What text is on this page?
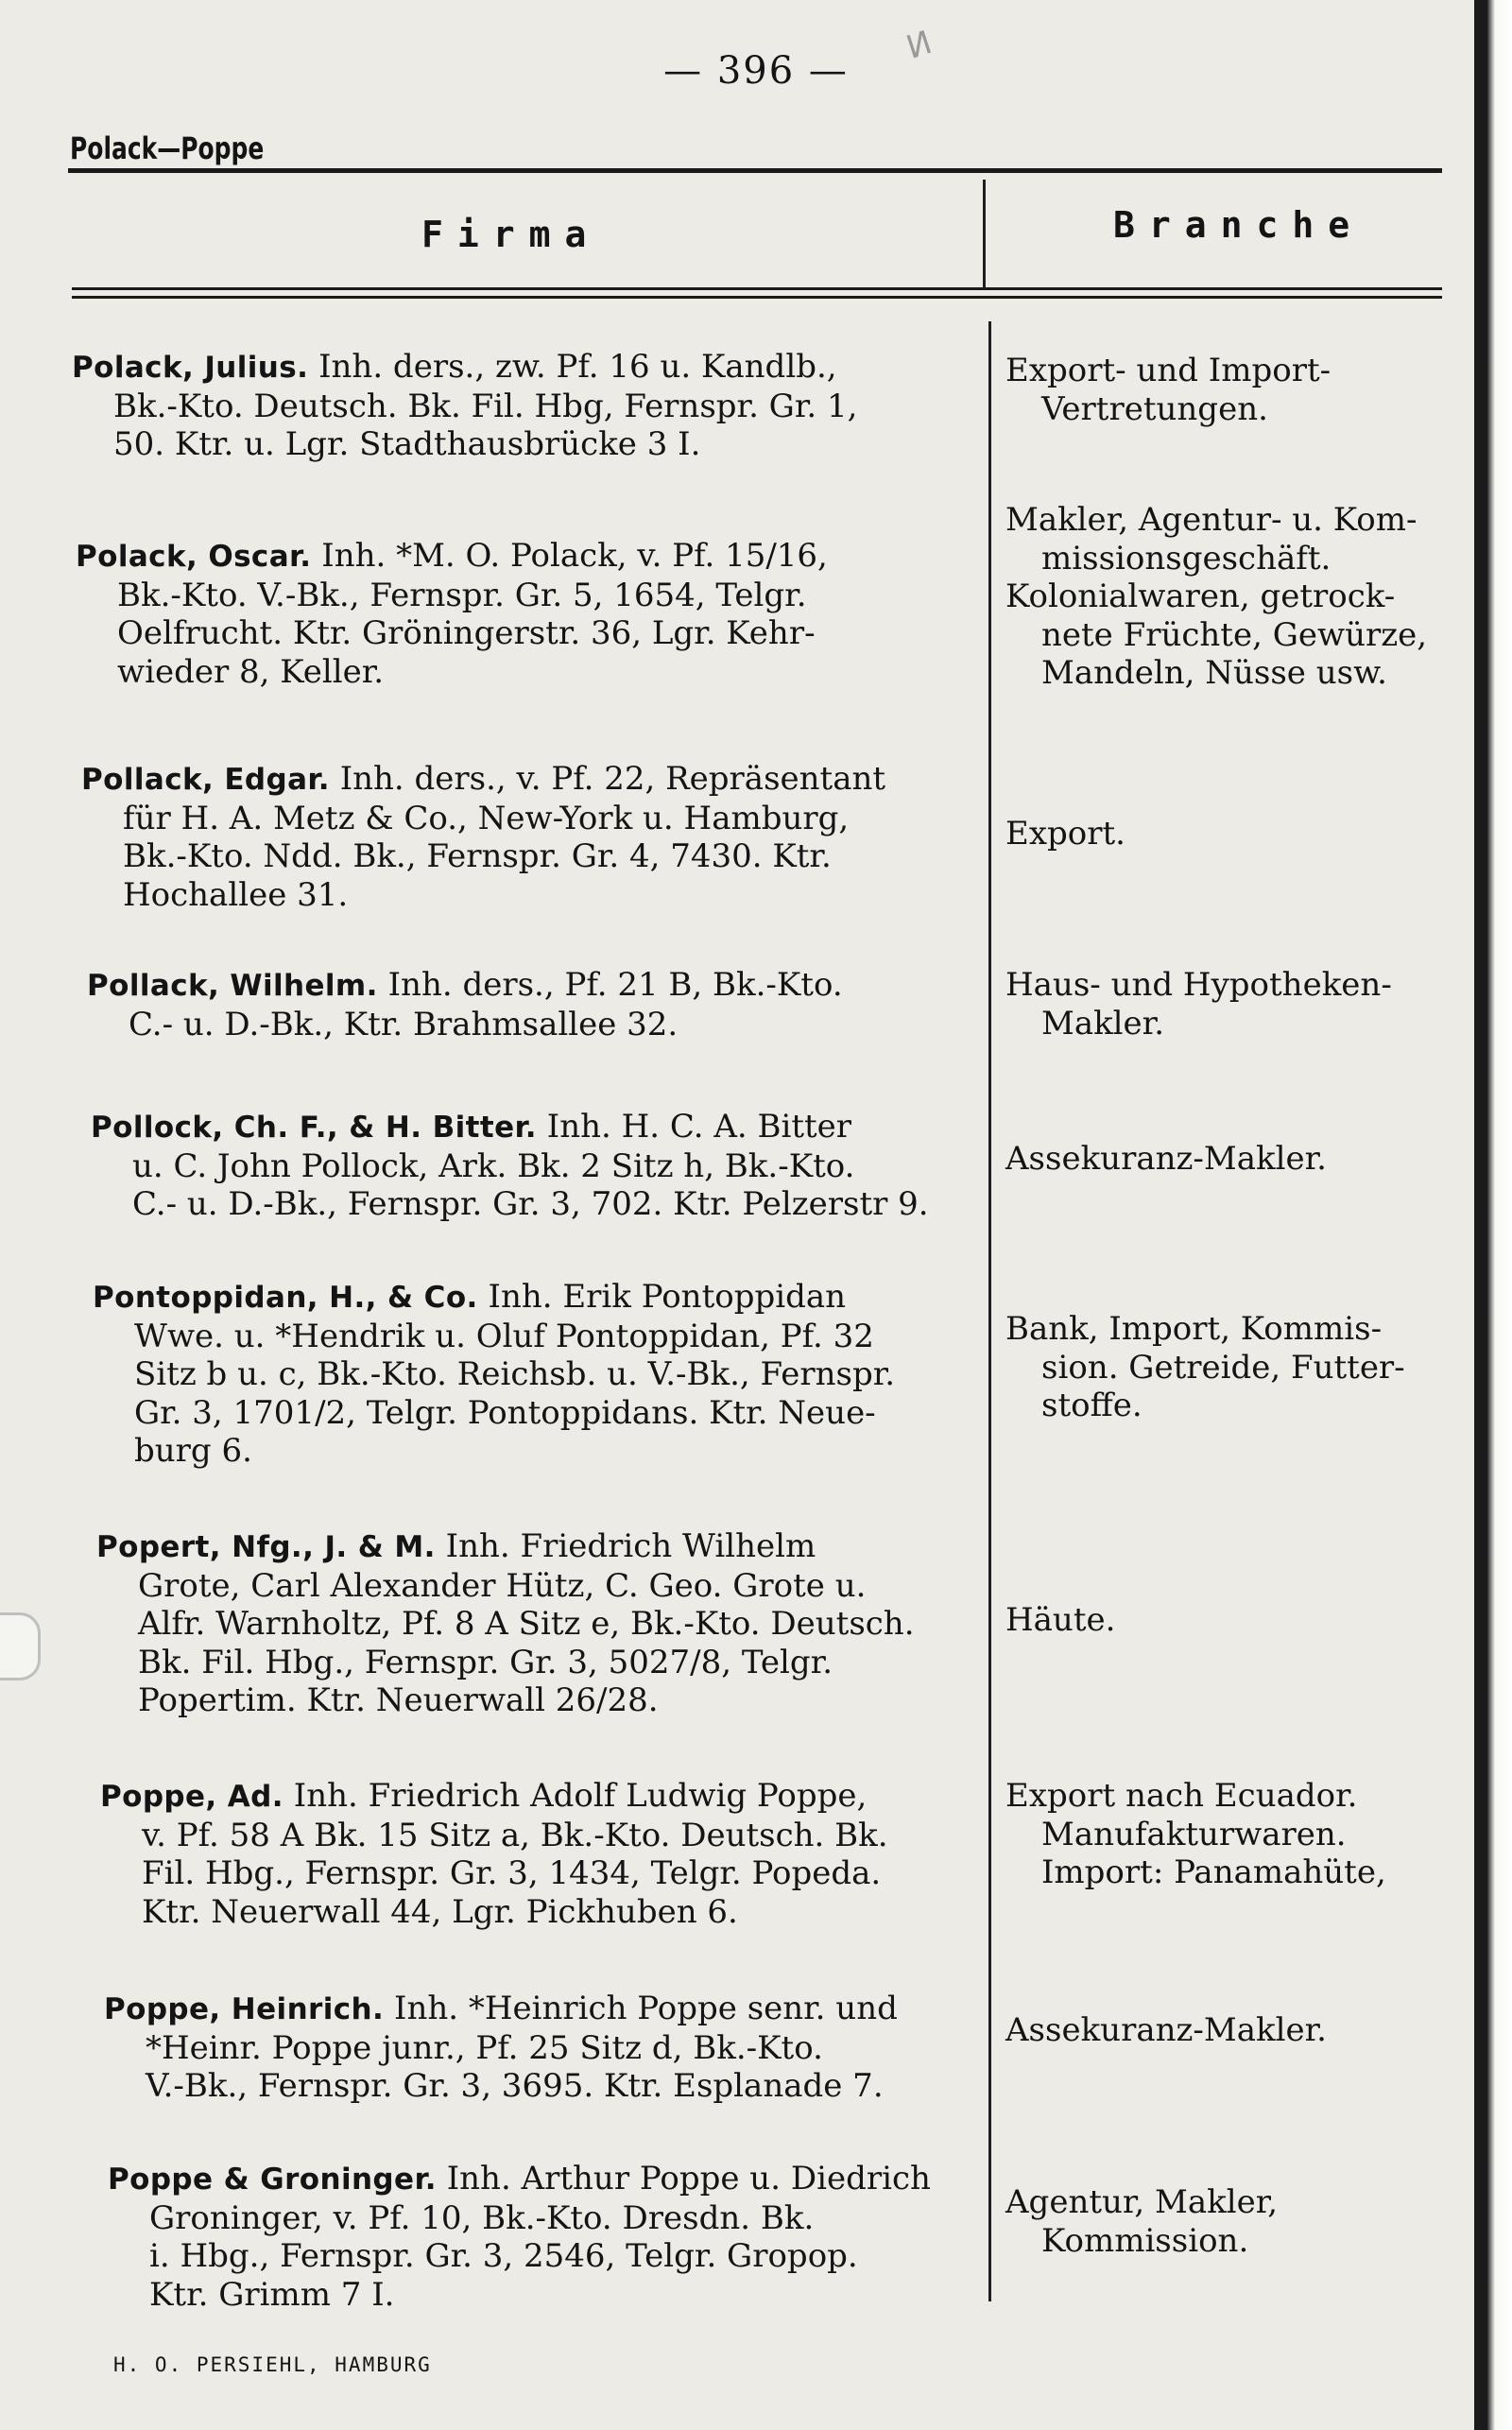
— 396 —
И
Polack—Poppe
Firma	Branche
Polack, Julius. Inh. ders., zw. Pf. 16 u. Kandlb.,
Bk.-Kto. Deutsch. Bk. Fil. Hbg, Fernspr. Gr. 1,
50. Ktr. u. Lgr. Stadthausbrücke 3 I.
Polack, Oscar. Inh. *M. O. Polack, v. Pf. 15/16,
Bk.-Kto. V.-Bk., Fernspr. Gr. 5, 1654, Telgr.
Oelfrucht. Ktr. Gröningerstr. 36, Lgr. Kehr-
wieder 8, Keller.
Pollack, Edgar. Inh. ders., v. Pf. 22, Repräsentant
für H. A. Metz & Co., New-York u. Hamburg,
Bk.-Kto. Ndd. Bk., Fernspr. Gr. 4, 7430. Ktr.
Hochallee 31.
Pollack, Wilhelm. Inh. ders., Pf. 21 B, Bk.-Kto.
C.- u. D.-Bk., Ktr. Brahmsallee 32.
Pollock, Ch. F., & H. Bitter. Inh. H. C. A. Bitter
u. C. John Pollock, Ark. Bk. 2 Sitz h, Bk.-Kto.
C.- u. D.-Bk., Fernspr. Gr. 3, 702. Ktr. Pelzerstr 9.
Pontoppidan, H., & Co. Inh. Erik Pontoppidan
Wwe. u. *Hendrik u. Oluf Pontoppidan, Pf. 32
Sitz b u. c, Bk.-Kto. Reichsb. u. V.-Bk., Fernspr.
Gr. 3, 1701/2, Telgr. Pontoppidans. Ktr. Neue-
burg 6.
Popert, Nfg., J. & M. Inh. Friedrich Wilhelm
Grote, Carl Alexander Hütz, C. Geo. Grote u.
Alfr. Warnholtz, Pf. 8 A Sitz e, Bk.-Kto. Deutsch.
Bk. Fil. Hbg., Fernspr. Gr. 3, 5027/8, Telgr.
Popertim. Ktr. Neuerwall 26/28.
Poppe, Ad. Inh. Friedrich Adolf Ludwig Poppe,
v. Pf. 58 A Bk. 15 Sitz a, Bk.-Kto. Deutsch. Bk.
Fil. Hbg., Fernspr. Gr. 3, 1434, Telgr. Popeda.
Ktr. Neuerwall 44, Lgr. Pickhuben 6.
Poppe, Heinrich. Inh. *Heinrich Poppe senr. und
*Heinr. Poppe junr., Pf. 25 Sitz d, Bk.-Kto.
V.-Bk., Fernspr. Gr. 3, 3695. Ktr. Esplanade 7.
Poppe & Groninger. Inh. Arthur Poppe u. Diedrich
Groninger, v. Pf. 10, Bk.-Kto. Dresdn. Bk.
i. Hbg., Fernspr. Gr. 3, 2546, Telgr. Gropop.
Ktr. Grimm 7 I.
Export- und Import-
Vertretungen.
Makler, Agentur- u. Kom-
missionsgeschäft.
Kolonialwaren, getrock-
nete Früchte, Gewürze,
Mandeln, Nüsse usw.
Export.
Haus- und Hypotheken-
Makler.
Assekuranz-Makler.
Bank, Import, Kommis-
sion. Getreide, Futter-
stoffe.
Häute.
Export nach Ecuador.
Manufakturwaren.
Import: Panamahüte,
Assekuranz-Makler.
Agentur, Makler,
Kommission.
H. O. PERSIEHL, HAMBURG
